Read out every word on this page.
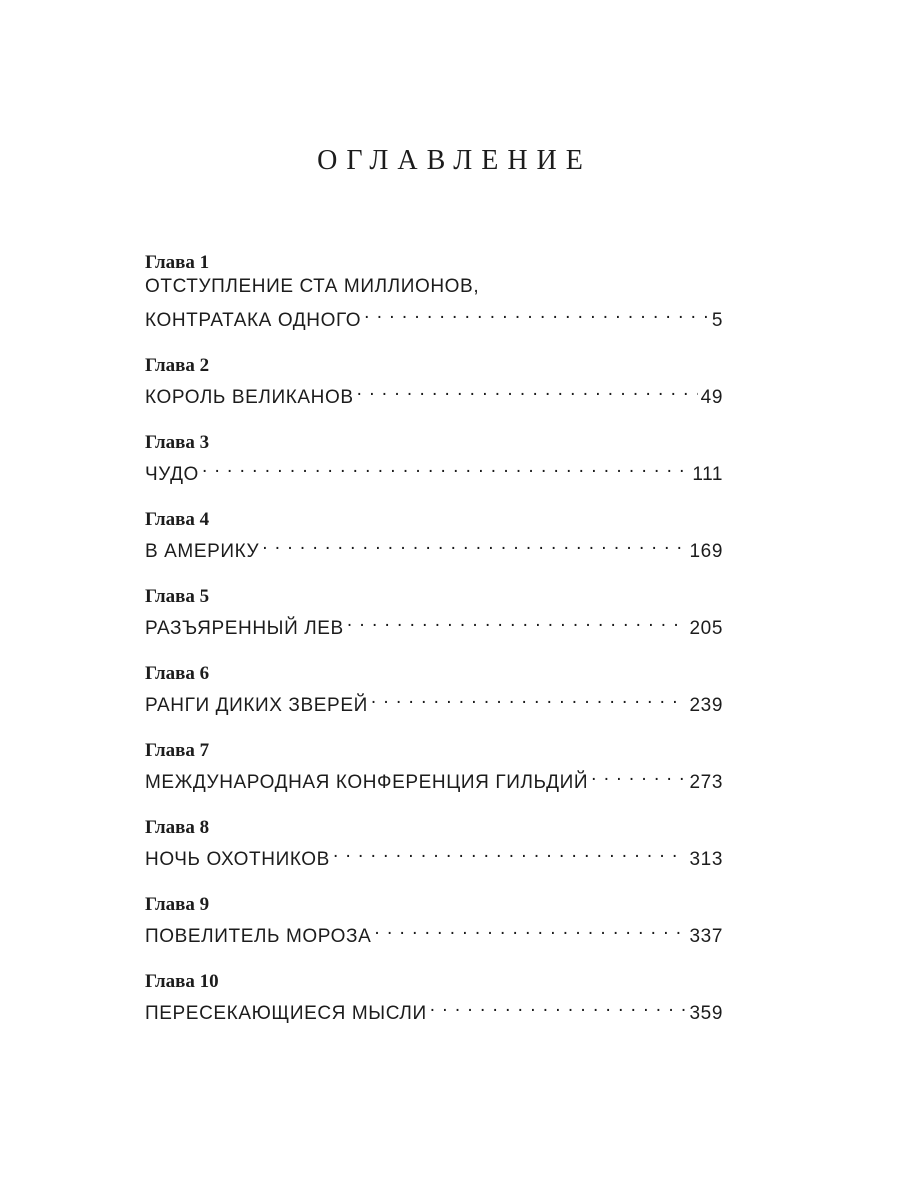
ОГЛАВЛЕНИЕ
Глава 1
ОТСТУПЛЕНИЕ СТА МИЛЛИОНОВ,
КОНТРАТАКА ОДНОГО . . .	5
Глава 2
КОРОЛЬ ВЕЛИКАНОВ . . .	49
Глава 3
ЧУДО . . .	111
Глава 4
В АМЕРИКУ . . .	169
Глава 5
РАЗЪЯРЕННЫЙ ЛЕВ . . .	205
Глава 6
РАНГИ ДИКИХ ЗВЕРЕЙ . . .	239
Глава 7
МЕЖДУНАРОДНАЯ КОНФЕРЕНЦИЯ ГИЛЬДИЙ . . .	273
Глава 8
НОЧЬ ОХОТНИКОВ . . .	313
Глава 9
ПОВЕЛИТЕЛЬ МОРОЗА . . .	337
Глава 10
ПЕРЕСЕКАЮЩИЕСЯ МЫСЛИ . . .	359
